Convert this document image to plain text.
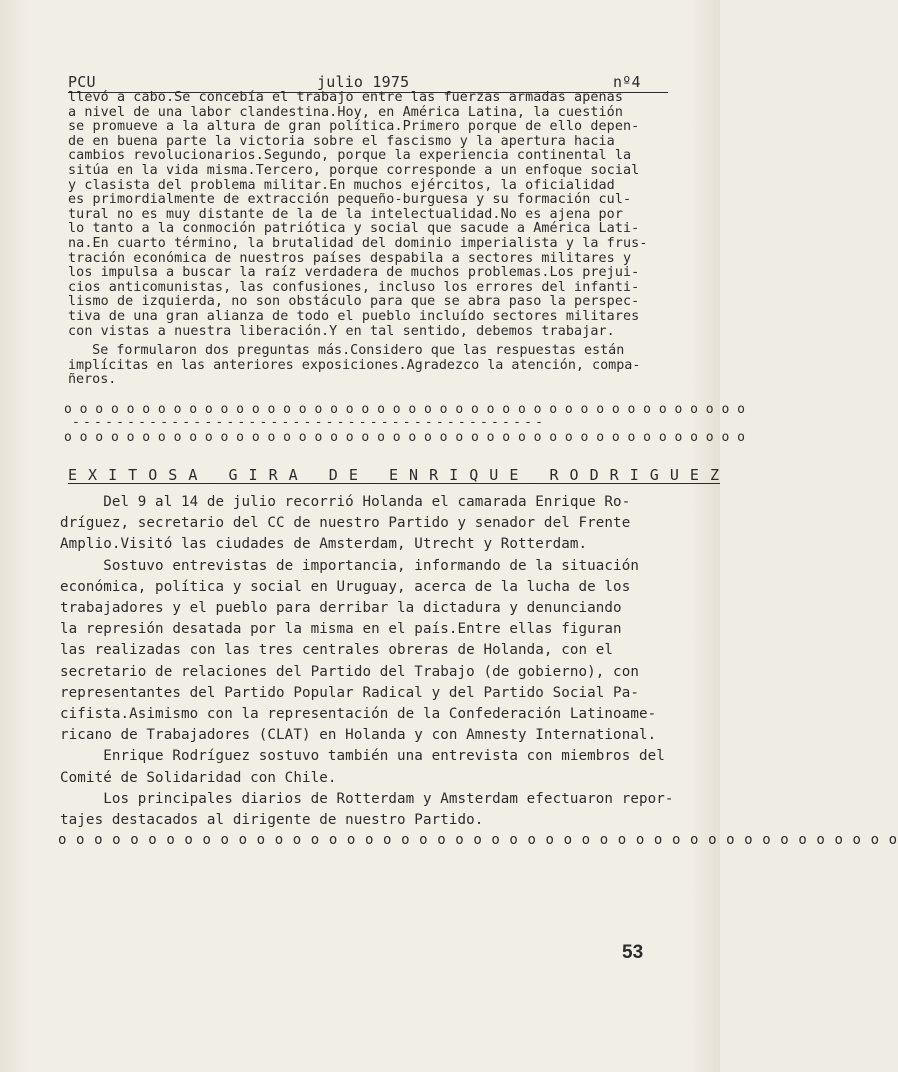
PCU	julio 1975	nº4
llevó a cabo.Se concebía el trabajo entre las fuerzas armadas apenas
a nivel de una labor clandestina.Hoy, en América Latina, la cuestión
se promueve a la altura de gran política.Primero porque de ello depen-
de en buena parte la victoria sobre el fascismo y la apertura hacia
cambios revolucionarios.Segundo, porque la experiencia continental la
sitúa en la vida misma.Tercero, porque corresponde a un enfoque social
y clasista del problema militar.En muchos ejércitos, la oficialidad
es primordialmente de extracción pequeño-burguesa y su formación cul-
tural no es muy distante de la de la intelectualidad.No es ajena por
lo tanto a la conmoción patriótica y social que sacude a América Lati-
na.En cuarto término, la brutalidad del dominio imperialista y la frus-
tración económica de nuestros países despabila a sectores militares y
los impulsa a buscar la raíz verdadera de muchos problemas.Los prejui-
cios anticomunistas, las confusiones, incluso los errores del infanti-
lismo de izquierda, no son obstáculo para que se abra paso la perspec-
tiva de una gran alianza de todo el pueblo incluído sectores militares
con vistas a nuestra liberación.Y en tal sentido, debemos trabajar.
Se formularon dos preguntas más.Considero que las respuestas están
implícitas en las anteriores exposiciones.Agradezco la atención, compa-
ñeros.
o o o o o o o o o o o o o o o o o o o o o o o o o o o o o o o o o o o o o o o o o o o o
-------------------------------------------
o o o o o o o o o o o o o o o o o o o o o o o o o o o o o o o o o o o o o o o o o o o o
E X I T O S A _ G I R A _ D E _ E N R I Q U E _ R O D R I G U E Z
Del 9 al 14 de julio recorrió Holanda el camarada Enrique Ro-
dríguez, secretario del CC de nuestro Partido y senador del Frente
Amplio.Visitó las ciudades de Amsterdam, Utrecht y Rotterdam.
Sostuvo entrevistas de importancia, informando de la situación
económica, política y social en Uruguay, acerca de la lucha de los
trabajadores y el pueblo para derribar la dictadura y denunciando
la represión desatada por la misma en el país.Entre ellas figuran
las realizadas con las tres centrales obreras de Holanda, con el
secretario de relaciones del Partido del Trabajo (de gobierno), con
representantes del Partido Popular Radical y del Partido Social Pa-
cifista.Asimismo con la representación de la Confederación Latinoame-
ricano de Trabajadores (CLAT) en Holanda y con Amnesty International.
Enrique Rodríguez sostuvo también una entrevista con miembros del
Comité de Solidaridad con Chile.
Los principales diarios de Rotterdam y Amsterdam efectuaron repor-
tajes destacados al dirigente de nuestro Partido.
o o o o o o o o o o o o o o o o o o o o o o o o o o o o o o o o o o o o o o o o o o o o o o o
53
